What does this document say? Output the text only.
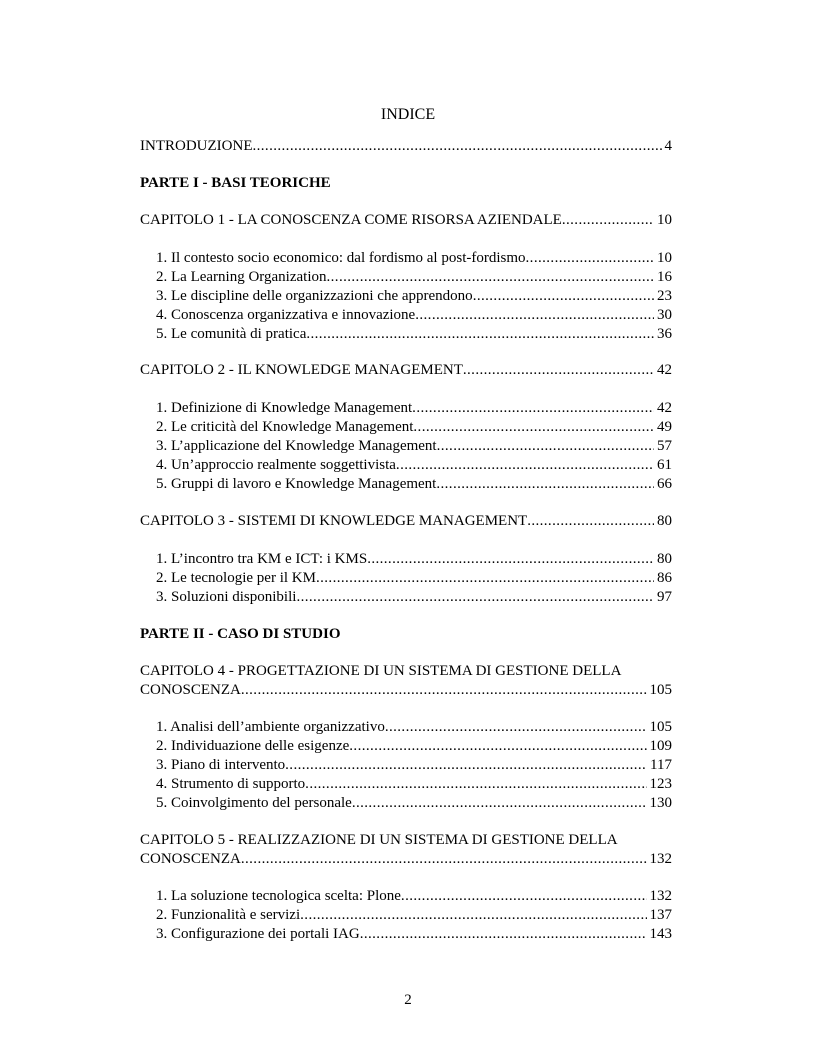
INDICE
INTRODUZIONE .....	4
PARTE I - BASI TEORICHE
CAPITOLO 1 - LA CONOSCENZA COME RISORSA AZIENDALE .....	10
1. Il contesto socio economico: dal fordismo al post-fordismo .....	10
2. La Learning Organization .....	16
3. Le discipline delle organizzazioni che apprendono .....	23
4. Conoscenza organizzativa e innovazione .....	30
5. Le comunità di pratica .....	36
CAPITOLO 2 - IL KNOWLEDGE MANAGEMENT .....	42
1. Definizione di Knowledge Management .....	42
2. Le criticità del Knowledge Management .....	49
3. L’applicazione del Knowledge Management .....	57
4. Un’approccio realmente soggettivista .....	61
5. Gruppi di lavoro e Knowledge Management .....	66
CAPITOLO 3 - SISTEMI DI KNOWLEDGE MANAGEMENT .....	80
1. L’incontro tra KM e ICT: i KMS .....	80
2. Le tecnologie per il KM .....	86
3. Soluzioni disponibili .....	97
PARTE II - CASO DI STUDIO
CAPITOLO 4 - PROGETTAZIONE DI UN SISTEMA DI GESTIONE DELLA
CONOSCENZA .....	105
1. Analisi dell’ambiente organizzativo .....	105
2. Individuazione delle esigenze .....	109
3. Piano di intervento .....	117
4. Strumento di supporto .....	123
5. Coinvolgimento del personale .....	130
CAPITOLO 5 - REALIZZAZIONE DI UN SISTEMA DI GESTIONE DELLA
CONOSCENZA .....	132
1. La soluzione tecnologica scelta: Plone .....	132
2. Funzionalità e servizi .....	137
3. Configurazione dei portali IAG .....	143
2
